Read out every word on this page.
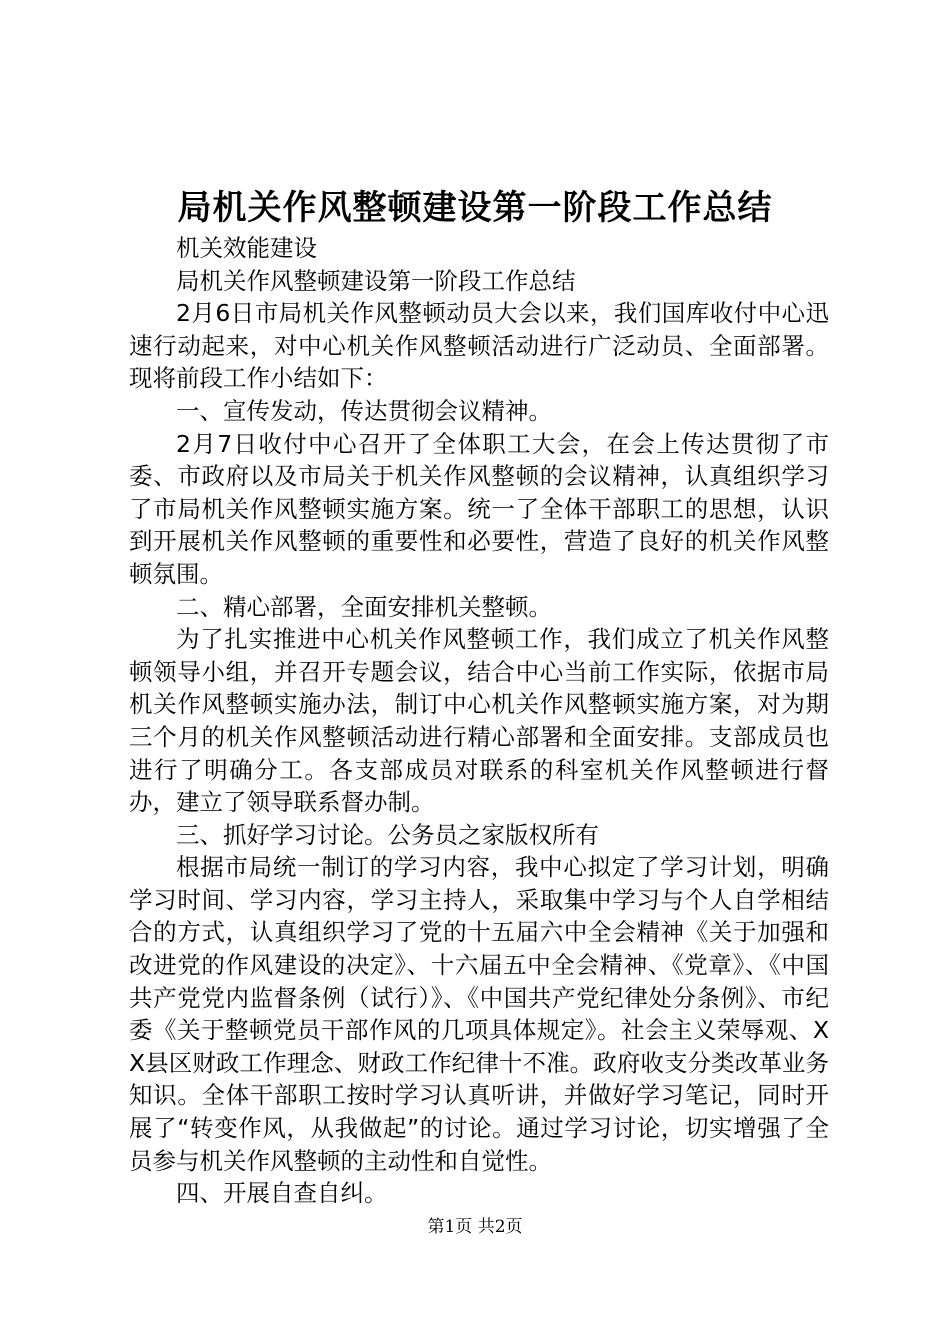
局机关作风整顿建设第一阶段工作总结

机关效能建设

局机关作风整顿建设第一阶段工作总结

2月6日市局机关作风整顿动员大会以来，我们国库收付中心迅速行动起来，对中心机关作风整顿活动进行广泛动员、全面部署。现将前段工作小结如下：

一、宣传发动，传达贯彻会议精神。

2月7日收付中心召开了全体职工大会，在会上传达贯彻了市委、市政府以及市局关于机关作风整顿的会议精神，认真组织学习了市局机关作风整顿实施方案。统一了全体干部职工的思想，认识到开展机关作风整顿的重要性和必要性，营造了良好的机关作风整顿氛围。

二、精心部署，全面安排机关整顿。

为了扎实推进中心机关作风整顿工作，我们成立了机关作风整顿领导小组，并召开专题会议，结合中心当前工作实际，依据市局机关作风整顿实施办法，制订中心机关作风整顿实施方案，对为期三个月的机关作风整顿活动进行精心部署和全面安排。支部成员也进行了明确分工。各支部成员对联系的科室机关作风整顿进行督办，建立了领导联系督办制。

三、抓好学习讨论。公务员之家版权所有

根据市局统一制订的学习内容，我中心拟定了学习计划，明确学习时间、学习内容，学习主持人，采取集中学习与个人自学相结合的方式，认真组织学习了党的十五届六中全会精神《关于加强和改进党的作风建设的决定》、十六届五中全会精神、《党章》、《中国共产党党内监督条例（试行）》、《中国共产党纪律处分条例》、市纪委《关于整顿党员干部作风的几项具体规定》。社会主义荣辱观、XX县区财政工作理念、财政工作纪律十不准。政府收支分类改革业务知识。全体干部职工按时学习认真听讲，并做好学习笔记，同时开展了“转变作风，从我做起”的讨论。通过学习讨论，切实增强了全员参与机关作风整顿的主动性和自觉性。

四、开展自查自纠。

第1页 共2页
